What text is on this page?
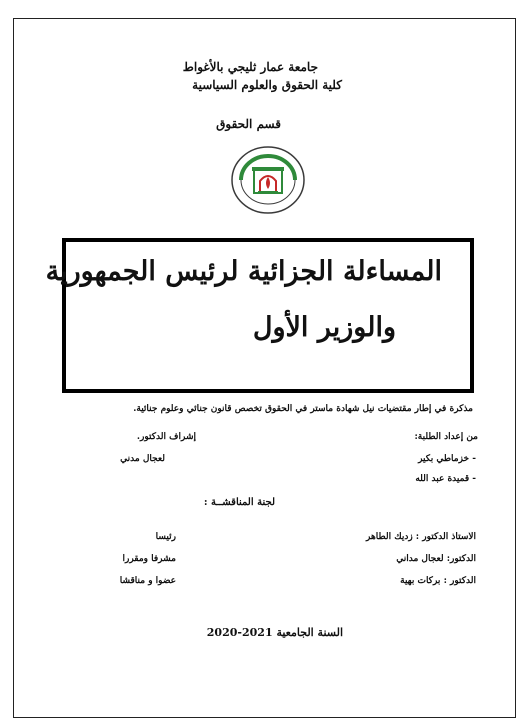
جامعة عمار ثليجي بالأغواط
كلية الحقوق والعلوم السياسية
قسم الحقوق
المساءلة الجزائية لرئيس الجمهورية
والوزير الأول
مذكرة في إطار مقتضيات نيل شهادة ماستر في الحقوق تخصص قانون جنائي وعلوم جنائية.
من إعداد الطلبة:
إشراف الدكتور.
- خزماطي بكير
لعجال مدني
- قميدة عبد الله
لجنة المناقشــة :
الاستاذ الدكتور : زديك الطاهر
رئيسا
الدكتور: لعجال مداني
مشرفا ومقررا
الدكتور : بركات بهية
عضوا و مناقشا
السنة الجامعية 2021-2020
